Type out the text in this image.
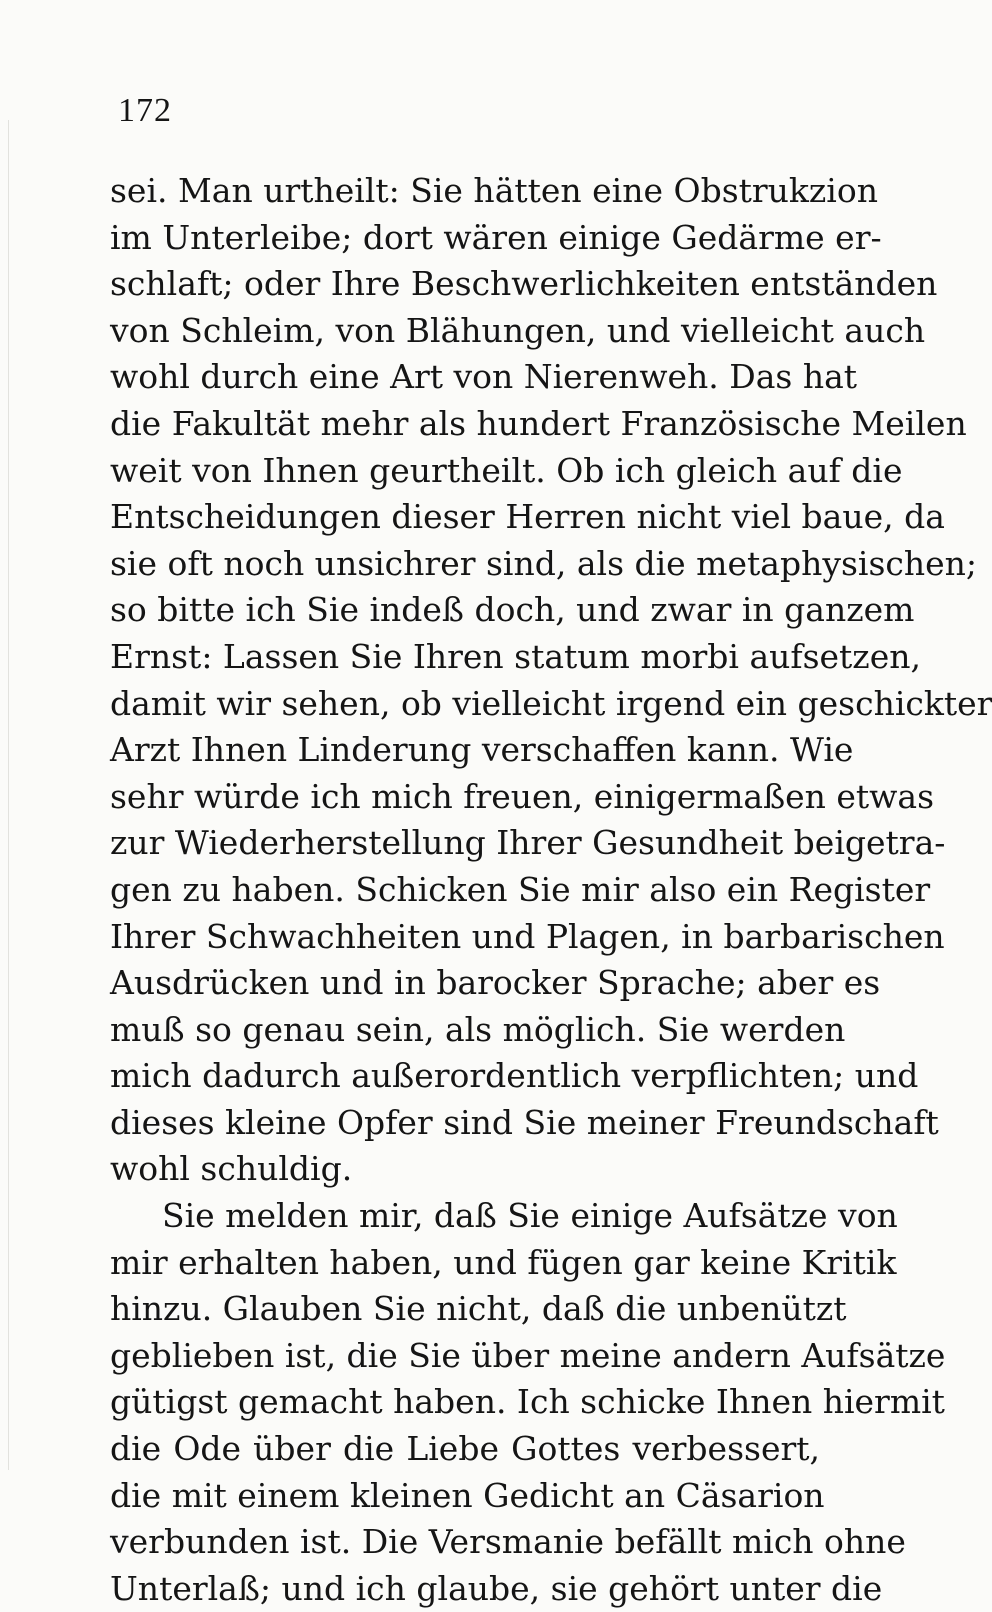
172
sei. Man urtheilt: Sie hätten eine Obstrukzion
im Unterleibe; dort wären einige Gedärme er-
schlaft; oder Ihre Beschwerlichkeiten entständen
von Schleim, von Blähungen, und vielleicht auch
wohl durch eine Art von Nierenweh. Das hat
die Fakultät mehr als hundert Französische Meilen
weit von Ihnen geurtheilt. Ob ich gleich auf die
Entscheidungen dieser Herren nicht viel baue, da
sie oft noch unsichrer sind, als die metaphysischen;
so bitte ich Sie indeß doch, und zwar in ganzem
Ernst: Lassen Sie Ihren statum morbi aufsetzen,
damit wir sehen, ob vielleicht irgend ein geschickter
Arzt Ihnen Linderung verschaffen kann. Wie
sehr würde ich mich freuen, einigermaßen etwas
zur Wiederherstellung Ihrer Gesundheit beigetra-
gen zu haben. Schicken Sie mir also ein Register
Ihrer Schwachheiten und Plagen, in barbarischen
Ausdrücken und in barocker Sprache; aber es
muß so genau sein, als möglich. Sie werden
mich dadurch außerordentlich verpflichten; und
dieses kleine Opfer sind Sie meiner Freundschaft
wohl schuldig.
Sie melden mir, daß Sie einige Aufsätze von
mir erhalten haben, und fügen gar keine Kritik
hinzu. Glauben Sie nicht, daß die unbenützt
geblieben ist, die Sie über meine andern Aufsätze
gütigst gemacht haben. Ich schicke Ihnen hiermit
die Ode über die Liebe Gottes verbessert,
die mit einem kleinen Gedicht an Cäsarion
verbunden ist. Die Versmanie befällt mich ohne
Unterlaß; und ich glaube, sie gehört unter die
